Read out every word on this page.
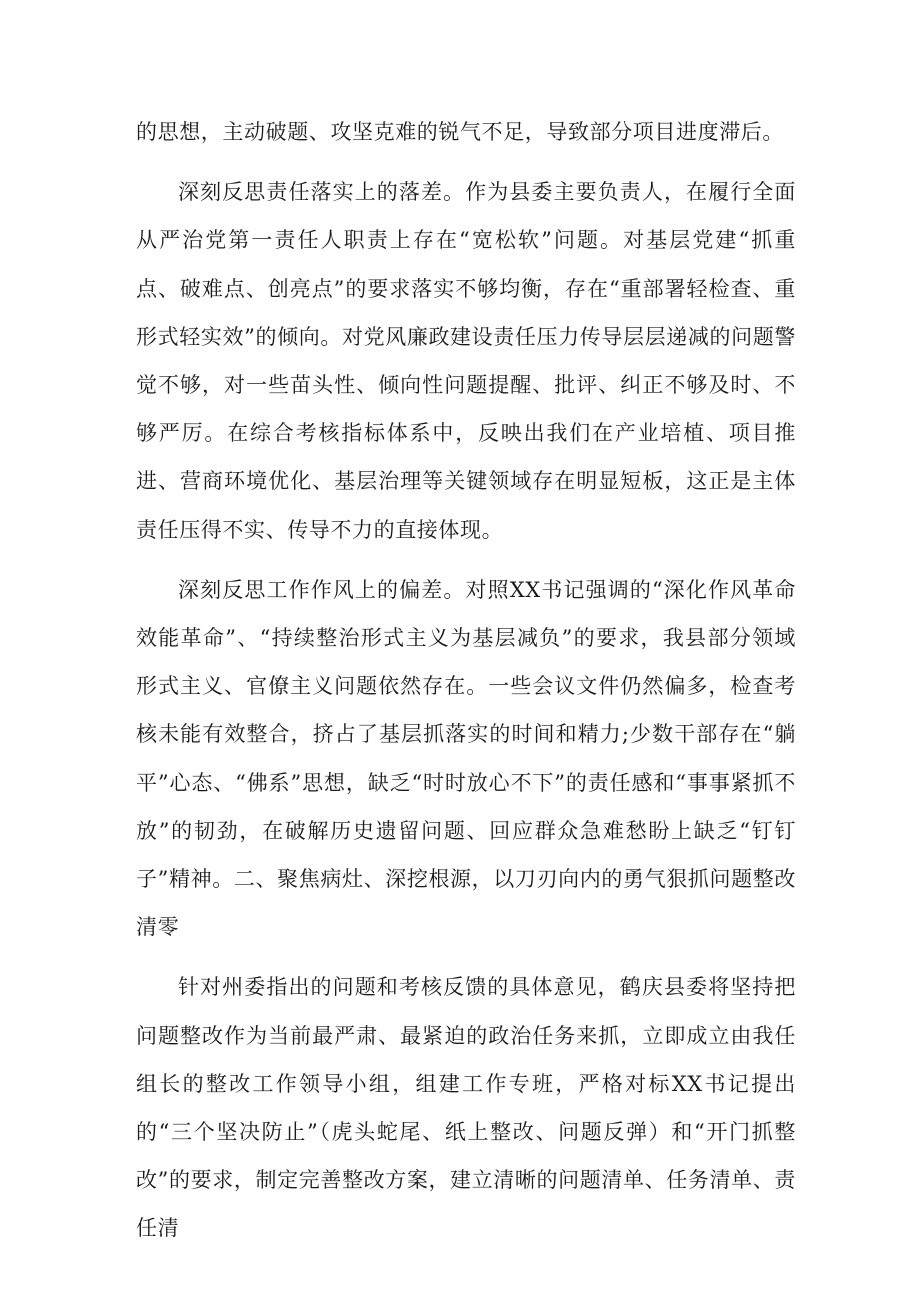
的思想，主动破题、攻坚克难的锐气不足，导致部分项目进度滞后。

深刻反思责任落实上的落差。作为县委主要负责人，在履行全面从严治党第一责任人职责上存在“宽松软”问题。对基层党建“抓重点、破难点、创亮点”的要求落实不够均衡，存在“重部署轻检查、重形式轻实效”的倾向。对党风廉政建设责任压力传导层层递减的问题警觉不够，对一些苗头性、倾向性问题提醒、批评、纠正不够及时、不够严厉。在综合考核指标体系中，反映出我们在产业培植、项目推进、营商环境优化、基层治理等关键领域存在明显短板，这正是主体责任压得不实、传导不力的直接体现。

深刻反思工作作风上的偏差。对照XX书记强调的“深化作风革命效能革命”、“持续整治形式主义为基层减负”的要求，我县部分领域形式主义、官僚主义问题依然存在。一些会议文件仍然偏多，检查考核未能有效整合，挤占了基层抓落实的时间和精力;少数干部存在“躺平”心态、“佛系”思想，缺乏“时时放心不下”的责任感和“事事紧抓不放”的韧劲，在破解历史遗留问题、回应群众急难愁盼上缺乏“钉钉子”精神。二、聚焦病灶、深挖根源，以刀刃向内的勇气狠抓问题整改清零

针对州委指出的问题和考核反馈的具体意见，鹤庆县委将坚持把问题整改作为当前最严肃、最紧迫的政治任务来抓，立即成立由我任组长的整改工作领导小组，组建工作专班，严格对标XX书记提出的“三个坚决防止”（虎头蛇尾、纸上整改、问题反弹）和“开门抓整改”的要求，制定完善整改方案，建立清晰的问题清单、任务清单、责任清
